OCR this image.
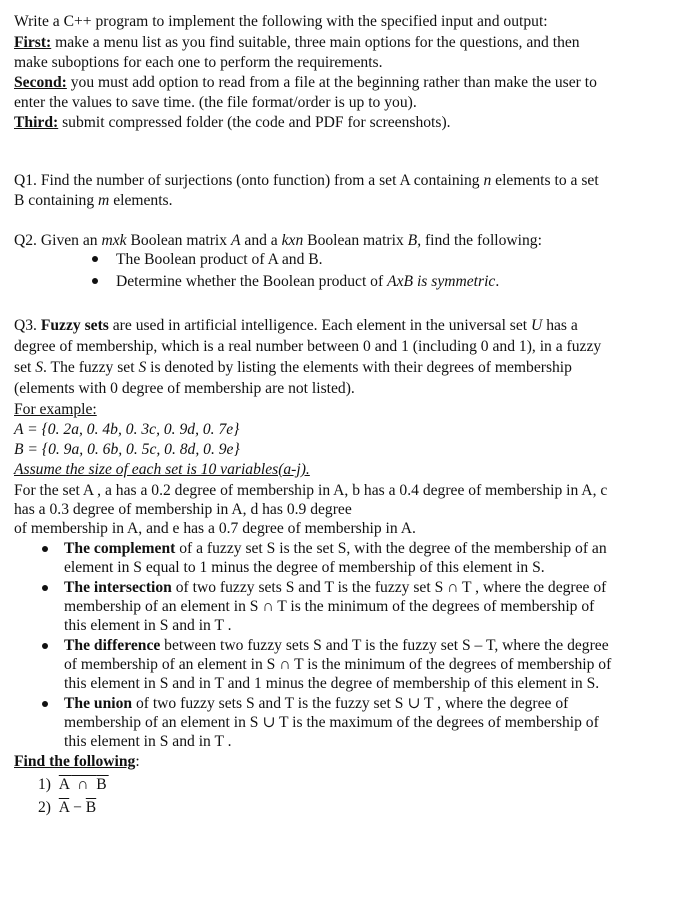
Write a C++ program to implement the following with the specified input and output:
First: make a menu list as you find suitable, three main options for the questions, and then
make suboptions for each one to perform the requirements.
Second: you must add option to read from a file at the beginning rather than make the user to
enter the values to save time. (the file format/order is up to you).
Third: submit compressed folder (the code and PDF for screenshots).
Q1. Find the number of surjections (onto function) from a set A containing n elements to a set
B containing m elements.
Q2. Given an mxk Boolean matrix A and a kxn Boolean matrix B, find the following:
The Boolean product of A and B.
Determine whether the Boolean product of AxB is symmetric.
Q3. Fuzzy sets are used in artificial intelligence. Each element in the universal set U has a
degree of membership, which is a real number between 0 and 1 (including 0 and 1), in a fuzzy
set S. The fuzzy set S is denoted by listing the elements with their degrees of membership
(elements with 0 degree of membership are not listed).
For example:
A = {0. 2a, 0. 4b, 0. 3c, 0. 9d, 0. 7e}
B = {0. 9a, 0. 6b, 0. 5c, 0. 8d, 0. 9e}
Assume the size of each set is 10 variables(a-j).
For the set A , a has a 0.2 degree of membership in A, b has a 0.4 degree of membership in A, c
has a 0.3 degree of membership in A, d has 0.9 degree
of membership in A, and e has a 0.7 degree of membership in A.
The complement of a fuzzy set S is the set S, with the degree of the membership of an
element in S equal to 1 minus the degree of membership of this element in S.
The intersection of two fuzzy sets S and T is the fuzzy set S ∩ T , where the degree of
membership of an element in S ∩ T is the minimum of the degrees of membership of
this element in S and in T .
The difference between two fuzzy sets S and T is the fuzzy set S – T, where the degree
of membership of an element in S ∩ T is the minimum of the degrees of membership of
this element in S and in T and 1 minus the degree of membership of this element in S.
The union of two fuzzy sets S and T is the fuzzy set S ∪ T , where the degree of
membership of an element in S ∪ T is the maximum of the degrees of membership of
this element in S and in T .
Find the following:
1) A ∩ B
2) $\overline{A} - \overline{B}$
